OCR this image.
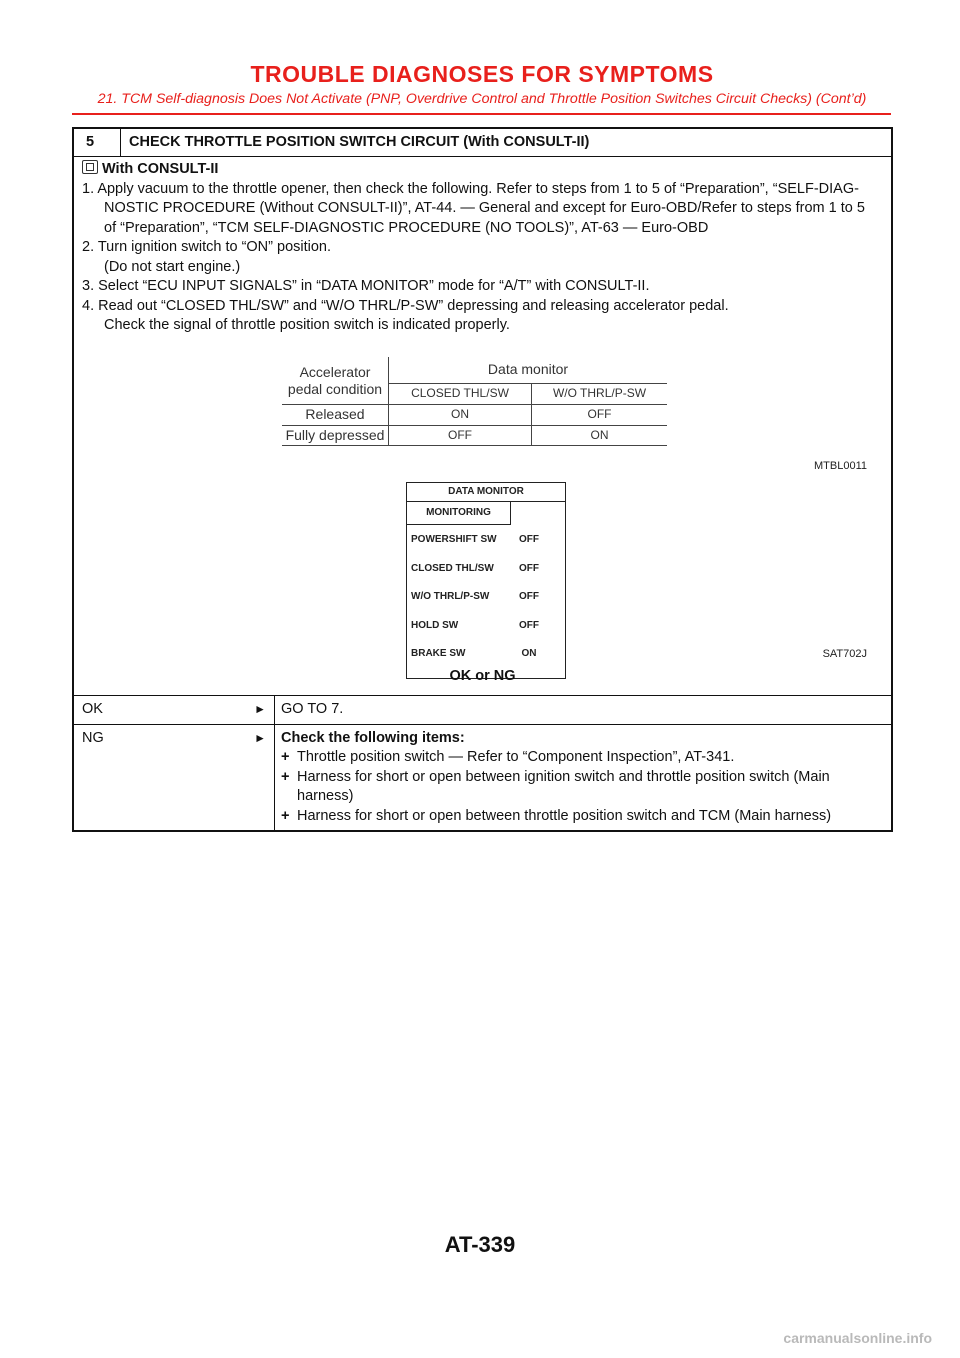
TROUBLE DIAGNOSES FOR SYMPTOMS
21. TCM Self-diagnosis Does Not Activate (PNP, Overdrive Control and Throttle Position Switches Circuit Checks) (Cont’d)
5	CHECK THROTTLE POSITION SWITCH CIRCUIT (With CONSULT-II)
With CONSULT-II

1. Apply vacuum to the throttle opener, then check the following. Refer to steps from 1 to 5 of “Preparation”, “SELF-DIAG-

NOSTIC PROCEDURE (Without CONSULT-II)”, AT-44. — General and except for Euro-OBD/Refer to steps from 1 to 5

of “Preparation”, “TCM SELF-DIAGNOSTIC PROCEDURE (NO TOOLS)”, AT-63 — Euro-OBD

2. Turn ignition switch to “ON” position.

(Do not start engine.)

3. Select “ECU INPUT SIGNALS” in “DATA MONITOR” mode for “A/T” with CONSULT-II.

4. Read out “CLOSED THL/SW” and “W/O THRL/P-SW” depressing and releasing accelerator pedal.

Check the signal of throttle position switch is indicated properly.

Accelerator
pedal condition	Data monitor	
	CLOSED THL/SW	W/O THRL/P-SW
Released	ON	OFF
Fully depressed	OFF	ON
MTBL0011
DATA MONITOR
MONITORING
POWERSHIFT SW	OFF
CLOSED THL/SW	OFF
W/O THRL/P-SW	OFF
HOLD SW	OFF
BRAKE SW	ON	SAT702J
OK or NG
OK	►	GO TO 7.
NG	►	Check the following items:
+ Throttle position switch — Refer to “Component Inspection”, AT-341.
+ Harness for short or open between ignition switch and throttle position switch (Main
harness)
+ Harness for short or open between throttle position switch and TCM (Main harness)
AT-339
carmanualsonline.info
